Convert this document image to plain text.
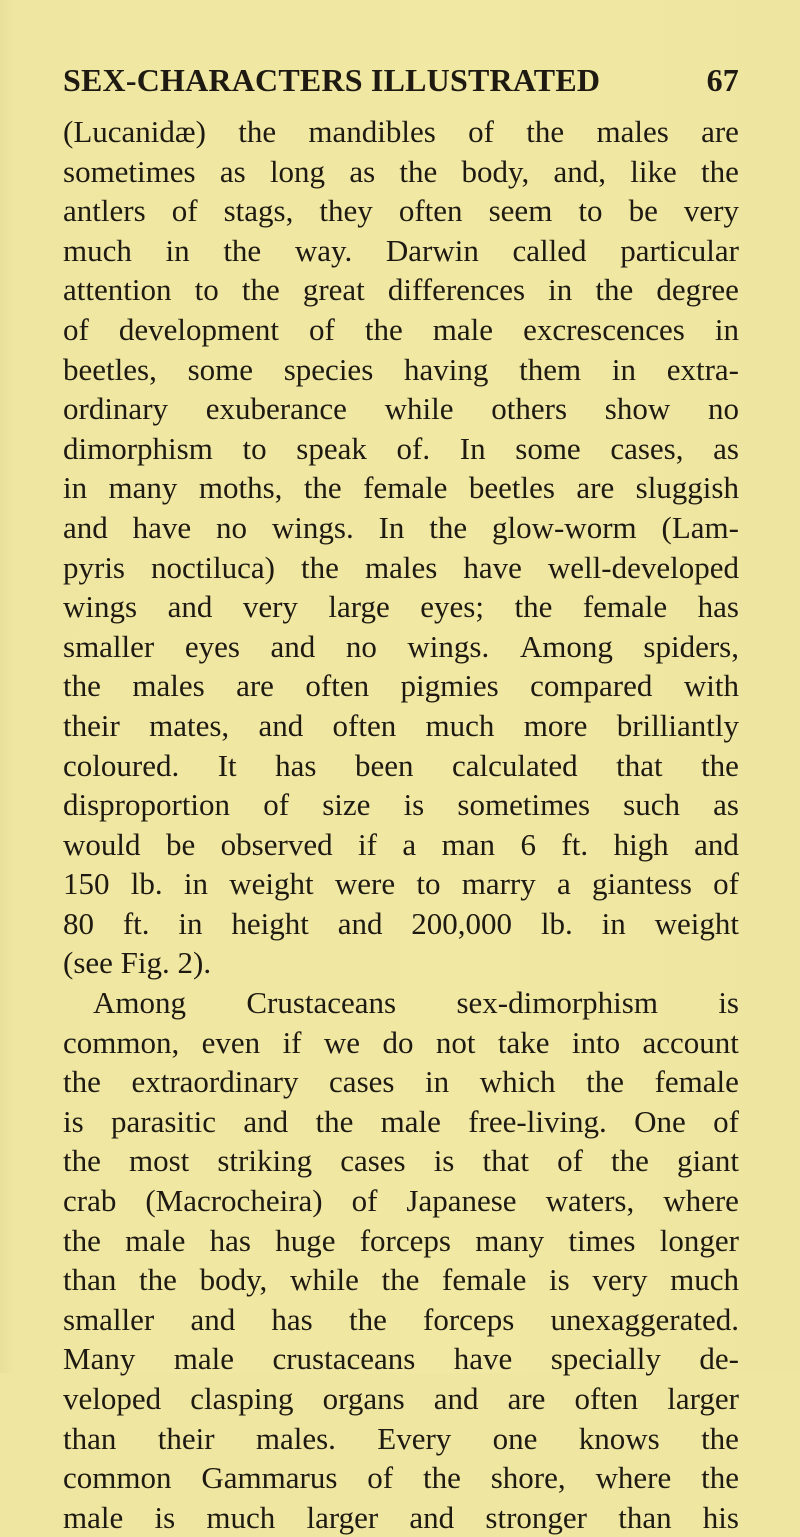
SEX-CHARACTERS ILLUSTRATED	67
(Lucanidæ) the mandibles of the males are
sometimes as long as the body, and, like the
antlers of stags, they often seem to be very
much in the way. Darwin called particular
attention to the great differences in the degree
of development of the male excrescences in
beetles, some species having them in extra-
ordinary exuberance while others show no
dimorphism to speak of. In some cases, as
in many moths, the female beetles are sluggish
and have no wings. In the glow-worm (Lam-
pyris noctiluca) the males have well-developed
wings and very large eyes; the female has
smaller eyes and no wings. Among spiders,
the males are often pigmies compared with
their mates, and often much more brilliantly
coloured. It has been calculated that the
disproportion of size is sometimes such as
would be observed if a man 6 ft. high and
150 lb. in weight were to marry a giantess of
80 ft. in height and 200,000 lb. in weight
(see Fig. 2).
Among Crustaceans sex-dimorphism is
common, even if we do not take into account
the extraordinary cases in which the female
is parasitic and the male free-living. One of
the most striking cases is that of the giant
crab (Macrocheira) of Japanese waters, where
the male has huge forceps many times longer
than the body, while the female is very much
smaller and has the forceps unexaggerated.
Many male crustaceans have specially de-
veloped clasping organs and are often larger
than their males. Every one knows the
common Gammarus of the shore, where the
male is much larger and stronger than his
